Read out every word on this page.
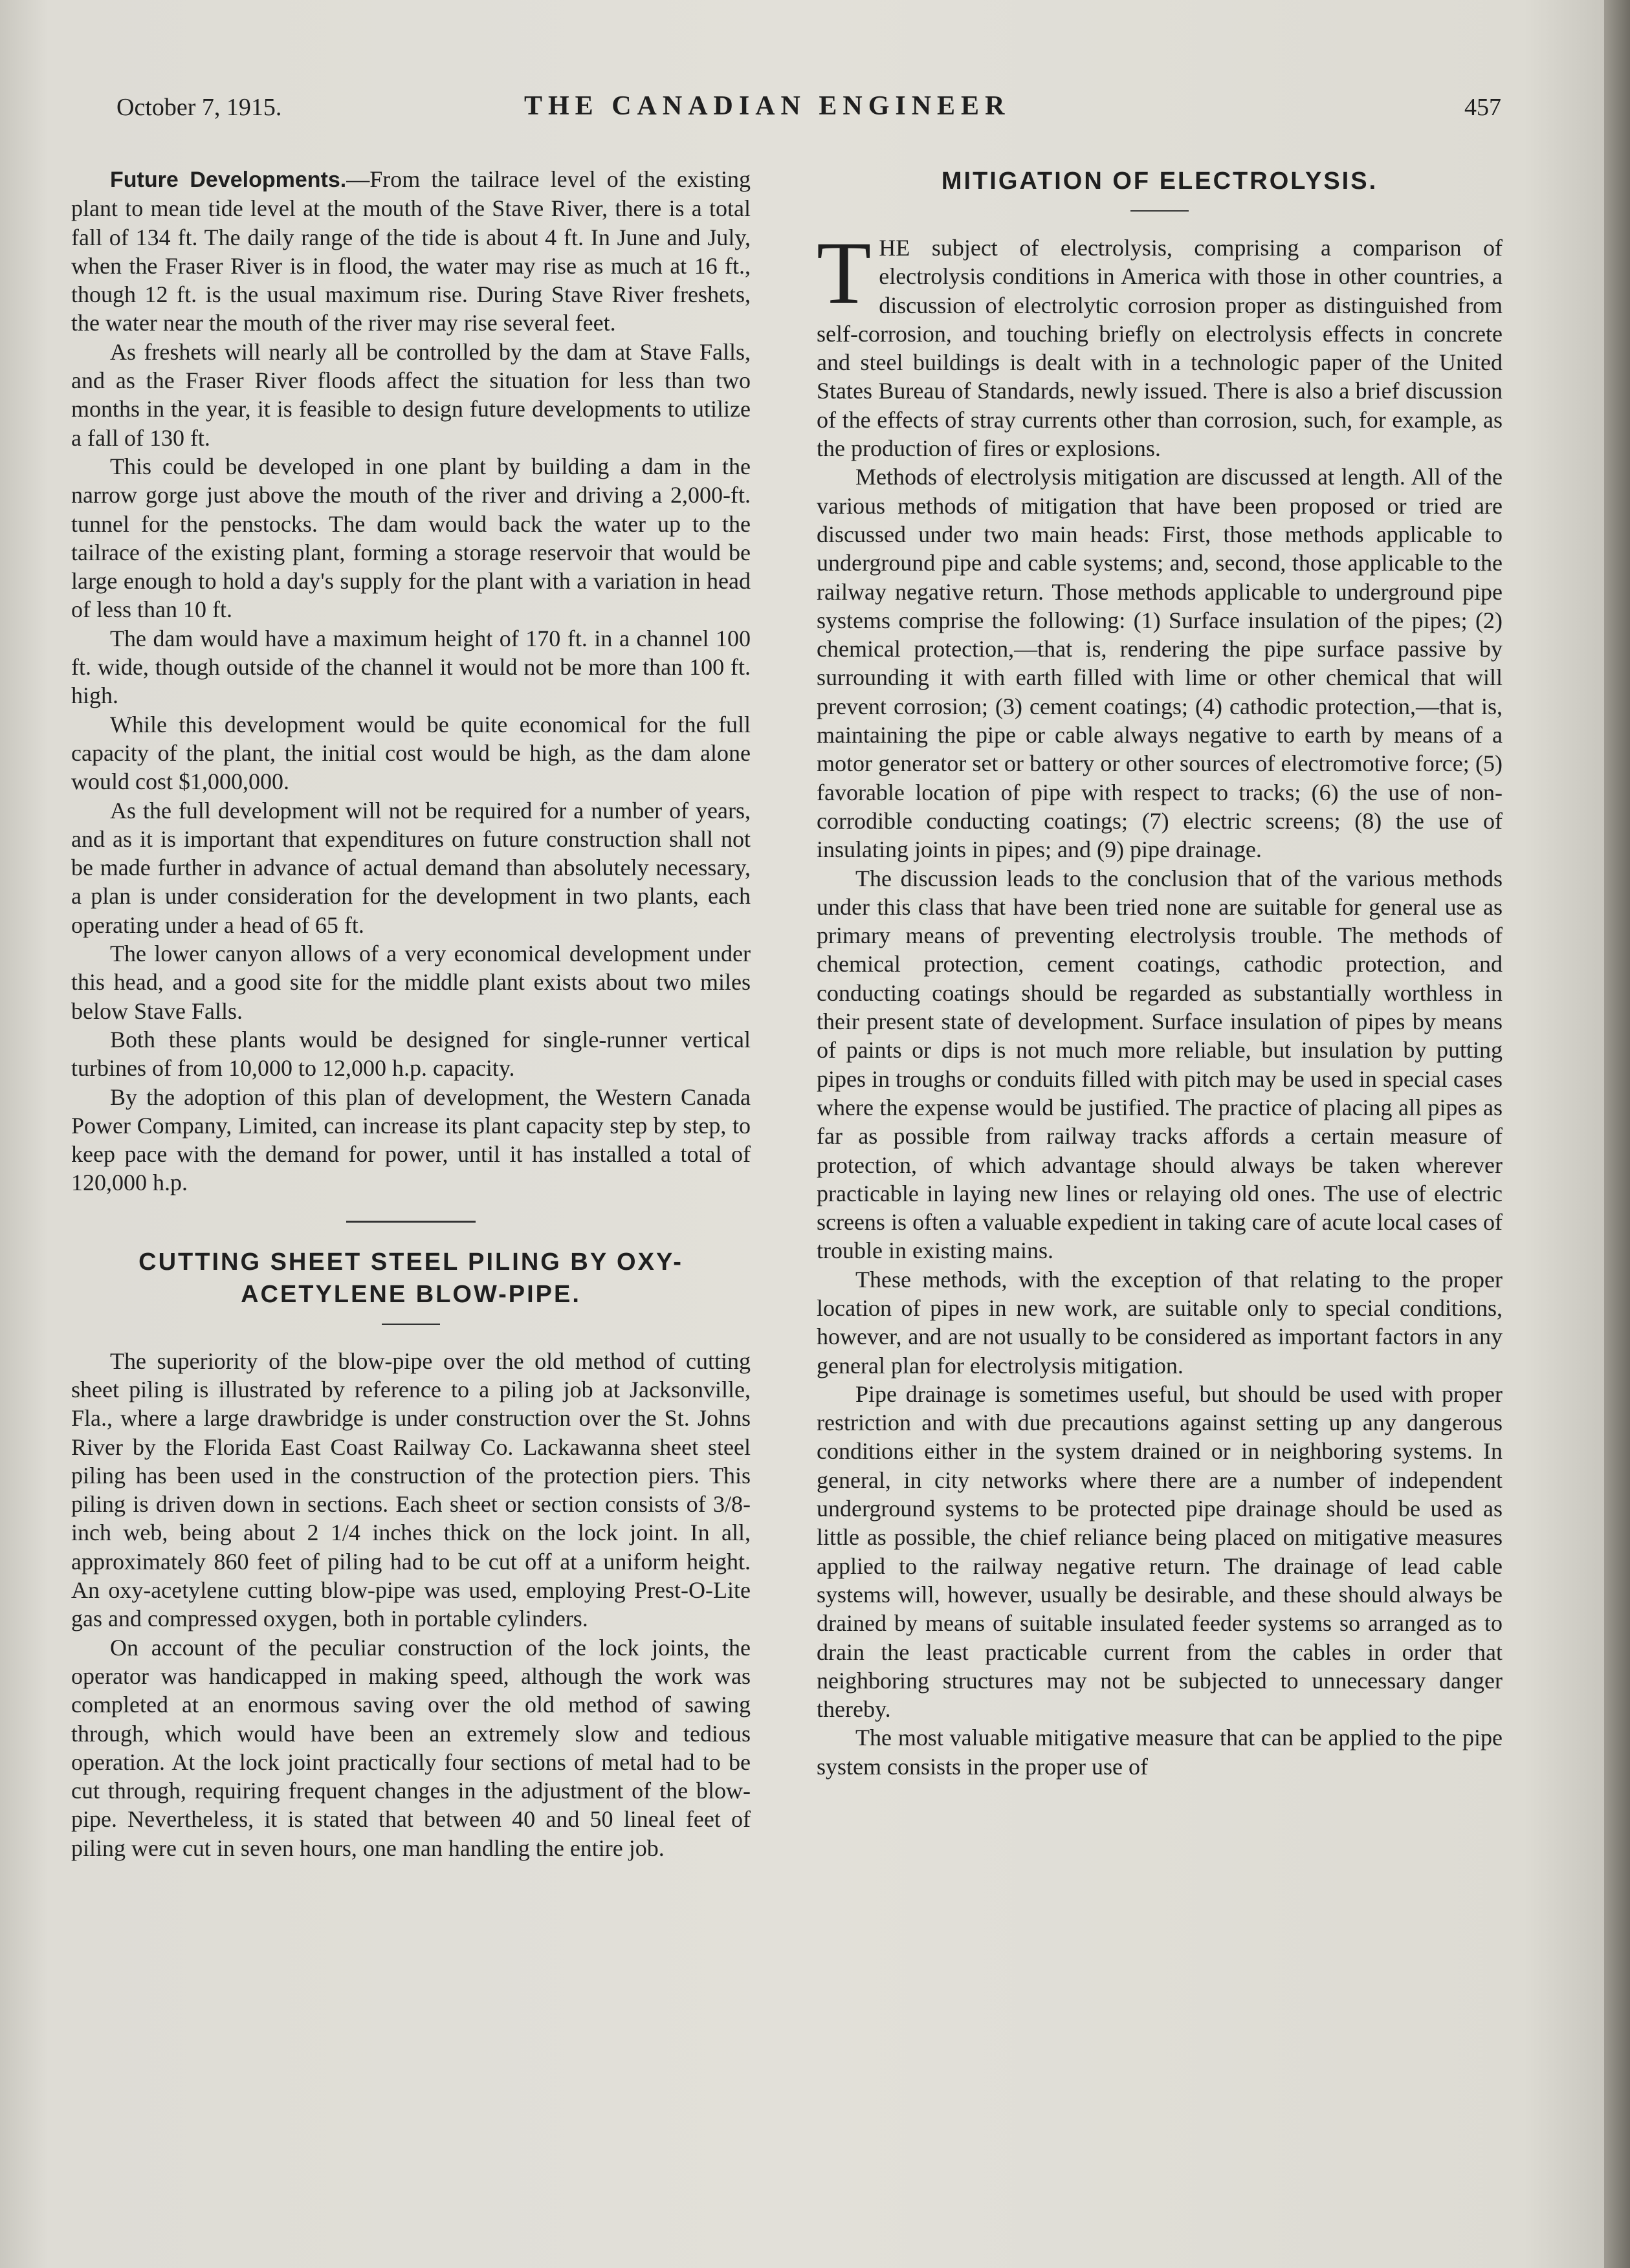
October 7, 1915.	THE CANADIAN ENGINEER	457

Future Developments.—From the tailrace level of the existing plant to mean tide level at the mouth of the Stave River, there is a total fall of 134 ft. The daily range of the tide is about 4 ft. In June and July, when the Fraser River is in flood, the water may rise as much at 16 ft., though 12 ft. is the usual maximum rise. During Stave River freshets, the water near the mouth of the river may rise several feet.

As freshets will nearly all be controlled by the dam at Stave Falls, and as the Fraser River floods affect the situation for less than two months in the year, it is feasible to design future developments to utilize a fall of 130 ft.

This could be developed in one plant by building a dam in the narrow gorge just above the mouth of the river and driving a 2,000-ft. tunnel for the penstocks. The dam would back the water up to the tailrace of the existing plant, forming a storage reservoir that would be large enough to hold a day's supply for the plant with a variation in head of less than 10 ft.

The dam would have a maximum height of 170 ft. in a channel 100 ft. wide, though outside of the channel it would not be more than 100 ft. high.

While this development would be quite economical for the full capacity of the plant, the initial cost would be high, as the dam alone would cost $1,000,000.

As the full development will not be required for a number of years, and as it is important that expenditures on future construction shall not be made further in advance of actual demand than absolutely necessary, a plan is under consideration for the development in two plants, each operating under a head of 65 ft.

The lower canyon allows of a very economical development under this head, and a good site for the middle plant exists about two miles below Stave Falls.

Both these plants would be designed for single-runner vertical turbines of from 10,000 to 12,000 h.p. capacity.

By the adoption of this plan of development, the Western Canada Power Company, Limited, can increase its plant capacity step by step, to keep pace with the demand for power, until it has installed a total of 120,000 h.p.

CUTTING SHEET STEEL PILING BY OXY-ACETYLENE BLOW-PIPE.

The superiority of the blow-pipe over the old method of cutting sheet piling is illustrated by reference to a piling job at Jacksonville, Fla., where a large drawbridge is under construction over the St. Johns River by the Florida East Coast Railway Co. Lackawanna sheet steel piling has been used in the construction of the protection piers. This piling is driven down in sections. Each sheet or section consists of 3/8-inch web, being about 2 1/4 inches thick on the lock joint. In all, approximately 860 feet of piling had to be cut off at a uniform height. An oxy-acetylene cutting blow-pipe was used, employing Prest-O-Lite gas and compressed oxygen, both in portable cylinders.

On account of the peculiar construction of the lock joints, the operator was handicapped in making speed, although the work was completed at an enormous saving over the old method of sawing through, which would have been an extremely slow and tedious operation. At the lock joint practically four sections of metal had to be cut through, requiring frequent changes in the adjustment of the blow-pipe. Nevertheless, it is stated that between 40 and 50 lineal feet of piling were cut in seven hours, one man handling the entire job.

MITIGATION OF ELECTROLYSIS.

THE subject of electrolysis, comprising a comparison of electrolysis conditions in America with those in other countries, a discussion of electrolytic corrosion proper as distinguished from self-corrosion, and touching briefly on electrolysis effects in concrete and steel buildings is dealt with in a technologic paper of the United States Bureau of Standards, newly issued. There is also a brief discussion of the effects of stray currents other than corrosion, such, for example, as the production of fires or explosions.

Methods of electrolysis mitigation are discussed at length. All of the various methods of mitigation that have been proposed or tried are discussed under two main heads: First, those methods applicable to underground pipe and cable systems; and, second, those applicable to the railway negative return. Those methods applicable to underground pipe systems comprise the following: (1) Surface insulation of the pipes; (2) chemical protection,—that is, rendering the pipe surface passive by surrounding it with earth filled with lime or other chemical that will prevent corrosion; (3) cement coatings; (4) cathodic protection,—that is, maintaining the pipe or cable always negative to earth by means of a motor generator set or battery or other sources of electromotive force; (5) favorable location of pipe with respect to tracks; (6) the use of non-corrodible conducting coatings; (7) electric screens; (8) the use of insulating joints in pipes; and (9) pipe drainage.

The discussion leads to the conclusion that of the various methods under this class that have been tried none are suitable for general use as primary means of preventing electrolysis trouble. The methods of chemical protection, cement coatings, cathodic protection, and conducting coatings should be regarded as substantially worthless in their present state of development. Surface insulation of pipes by means of paints or dips is not much more reliable, but insulation by putting pipes in troughs or conduits filled with pitch may be used in special cases where the expense would be justified. The practice of placing all pipes as far as possible from railway tracks affords a certain measure of protection, of which advantage should always be taken wherever practicable in laying new lines or relaying old ones. The use of electric screens is often a valuable expedient in taking care of acute local cases of trouble in existing mains.

These methods, with the exception of that relating to the proper location of pipes in new work, are suitable only to special conditions, however, and are not usually to be considered as important factors in any general plan for electrolysis mitigation.

Pipe drainage is sometimes useful, but should be used with proper restriction and with due precautions against setting up any dangerous conditions either in the system drained or in neighboring systems. In general, in city networks where there are a number of independent underground systems to be protected pipe drainage should be used as little as possible, the chief reliance being placed on mitigative measures applied to the railway negative return. The drainage of lead cable systems will, however, usually be desirable, and these should always be drained by means of suitable insulated feeder systems so arranged as to drain the least practicable current from the cables in order that neighboring structures may not be subjected to unnecessary danger thereby.

The most valuable mitigative measure that can be applied to the pipe system consists in the proper use of
